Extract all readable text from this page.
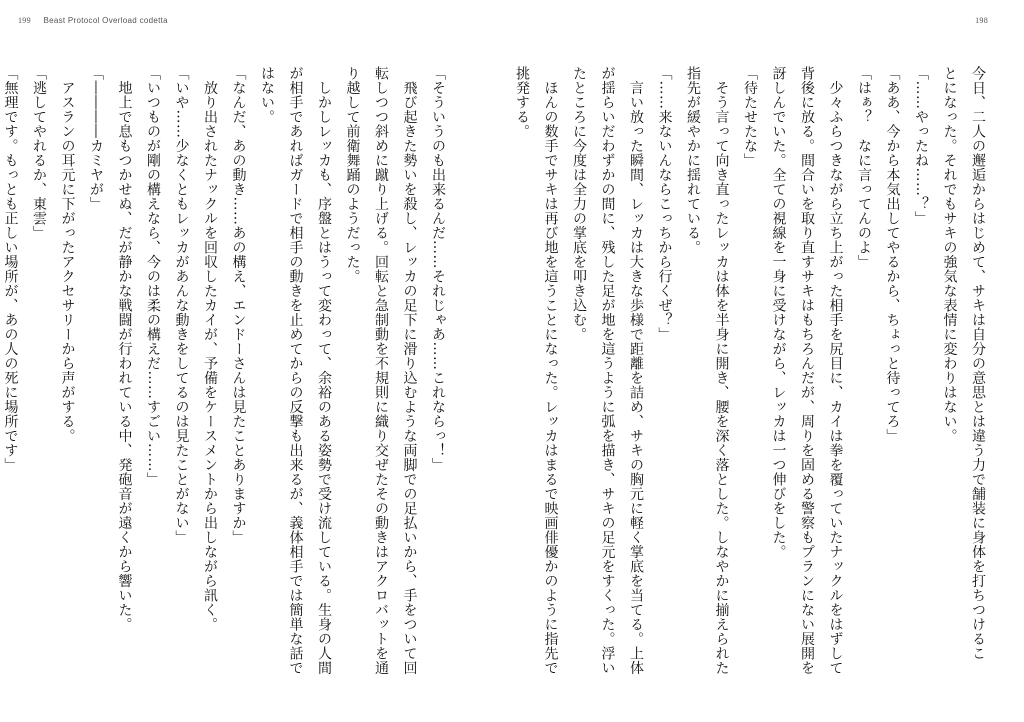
199 Beast Protocol Overload codetta	198
今日、二人の邂逅からはじめて、サキは自分の意思とは違う力で舗装に身体を打ちつけるこ
とになった。それでもサキの強気な表情に変わりはない。
「……やったね……？」
「ああ、今から本気出してやるから、ちょっと待ってろ」
「はぁ？　なに言ってんのよ」
　少々ふらつきながら立ち上がった相手を尻目に、カイは拳を覆っていたナックルをはずして
背後に放る。間合いを取り直すサキはもちろんだが、周りを固める警察もプランにない展開を
訝しんでいた。全ての視線を一身に受けながら、レッカは一つ伸びをした。
「待たせたな」
　そう言って向き直ったレッカは体を半身に開き、腰を深く落とした。しなやかに揃えられた
指先が緩やかに揺れている。
「……来ないんならこっちから行くぜ？」
　言い放った瞬間、レッカは大きな歩様で距離を詰め、サキの胸元に軽く掌底を当てる。上体
が揺らいだわずかの間に、残した足が地を這うように弧を描き、サキの足元をすくった。浮い
たところに今度は全力の掌底を叩き込む。
　ほんの数手でサキは再び地を這うことになった。レッカはまるで映画俳優かのように指先で
挑発する。
「そういうのも出来るんだ……それじゃあ……これならっ！」
　飛び起きた勢いを殺し、レッカの足下に滑り込むような両脚での足払いから、手をついて回
転しつつ斜めに蹴り上げる。回転と急制動を不規則に織り交ぜたその動きはアクロバットを通
り越して前衛舞踊のようだった。
　しかしレッカも、序盤とはうって変わって、余裕のある姿勢で受け流している。生身の人間
が相手であればガードで相手の動きを止めてからの反撃も出来るが、義体相手では簡単な話で
はない。
「なんだ、あの動き……あの構え、エンドーさんは見たことありますか」
　放り出されたナックルを回収したカイが、予備をケースメントから出しながら訊く。
「いや……少なくともレッカがあんな動きをしてるのは見たことがない」
「いつものが剛の構えなら、今のは柔の構えだ……すごい……」
　地上で息もつかせぬ、だが静かな戦闘が行われている中、発砲音が遠くから響いた。
「――――カミヤが」
　アスランの耳元に下がったアクセサリーから声がする。
「逃してやれるか、東雲」
「無理です。もっとも正しい場所が、あの人の死に場所です」
